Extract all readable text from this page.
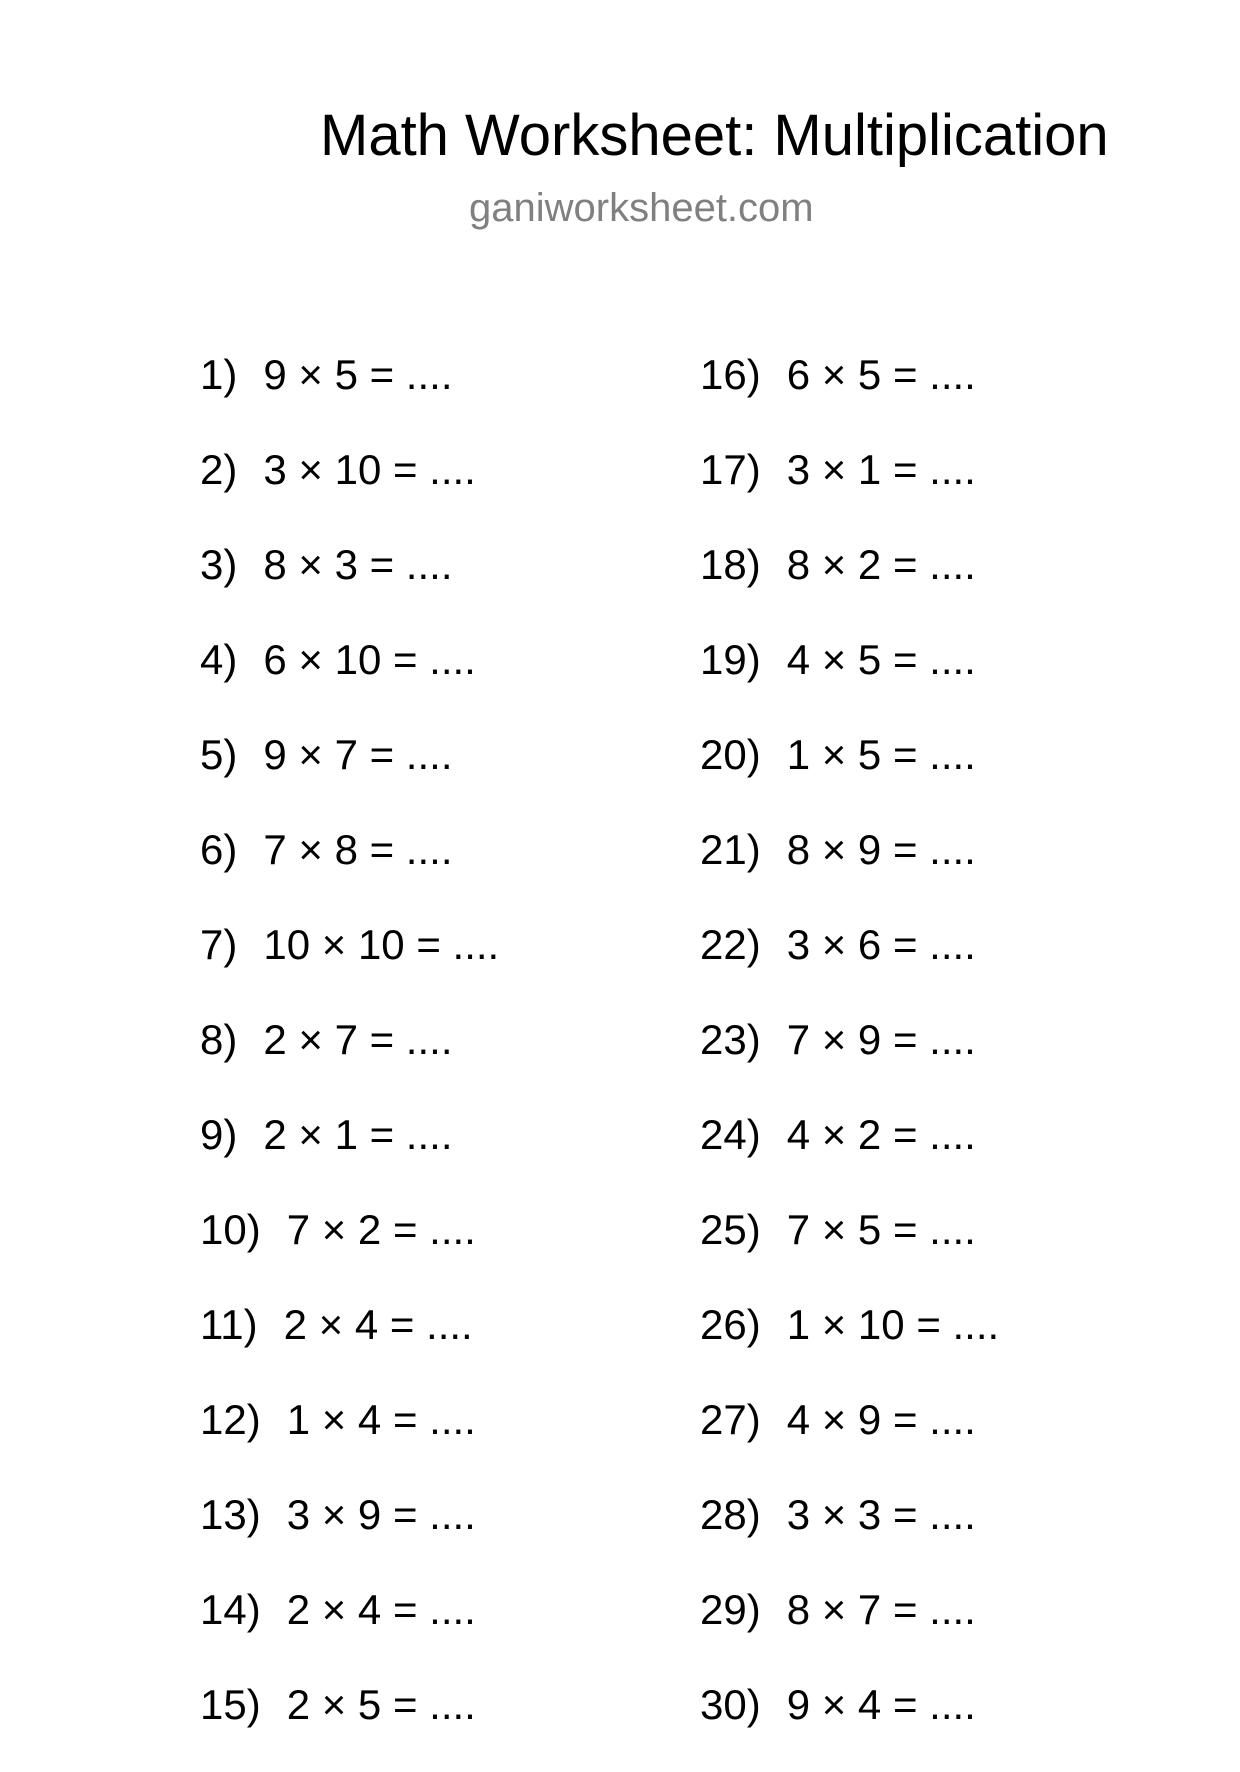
Math Worksheet: Multiplication
ganiworksheet.com
1) 9 × 5 = ....
2) 3 × 10 = ....
3) 8 × 3 = ....
4) 6 × 10 = ....
5) 9 × 7 = ....
6) 7 × 8 = ....
7) 10 × 10 = ....
8) 2 × 7 = ....
9) 2 × 1 = ....
10) 7 × 2 = ....
11) 2 × 4 = ....
12) 1 × 4 = ....
13) 3 × 9 = ....
14) 2 × 4 = ....
15) 2 × 5 = ....
16) 6 × 5 = ....
17) 3 × 1 = ....
18) 8 × 2 = ....
19) 4 × 5 = ....
20) 1 × 5 = ....
21) 8 × 9 = ....
22) 3 × 6 = ....
23) 7 × 9 = ....
24) 4 × 2 = ....
25) 7 × 5 = ....
26) 1 × 10 = ....
27) 4 × 9 = ....
28) 3 × 3 = ....
29) 8 × 7 = ....
30) 9 × 4 = ....
